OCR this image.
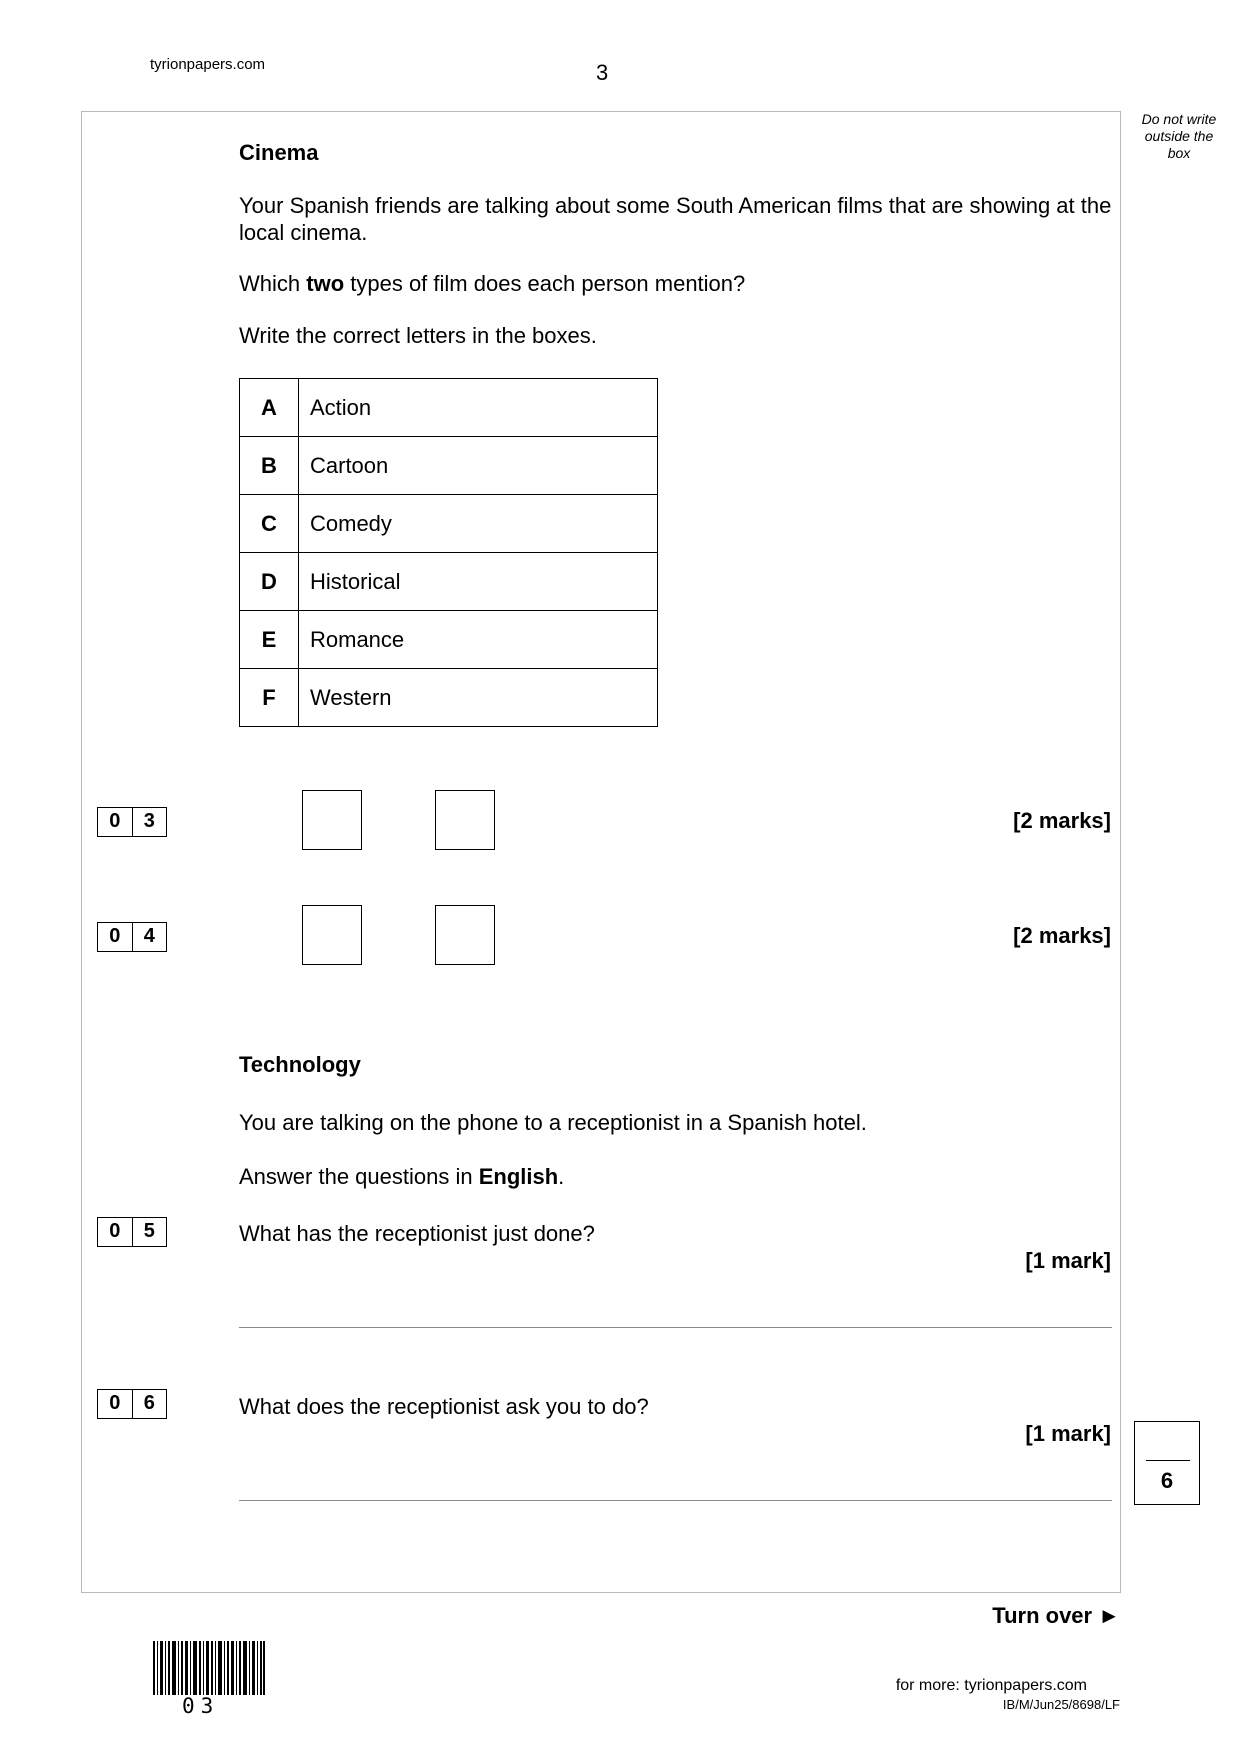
tyrionpapers.com	3
Do not write outside the box
Cinema
Your Spanish friends are talking about some South American films that are showing at the local cinema.
Which two types of film does each person mention?
Write the correct letters in the boxes.
A	Action
B	Cartoon
C	Comedy
D	Historical
E	Romance
F	Western
0	3	[2 marks]
0	4	[2 marks]
Technology
You are talking on the phone to a receptionist in a Spanish hotel.
Answer the questions in English.
0	5	What has the receptionist just done?
[1 mark]
0	6	What does the receptionist ask you to do?
[1 mark]
6
Turn over ►
03
for more: tyrionpapers.com
IB/M/Jun25/8698/LF
